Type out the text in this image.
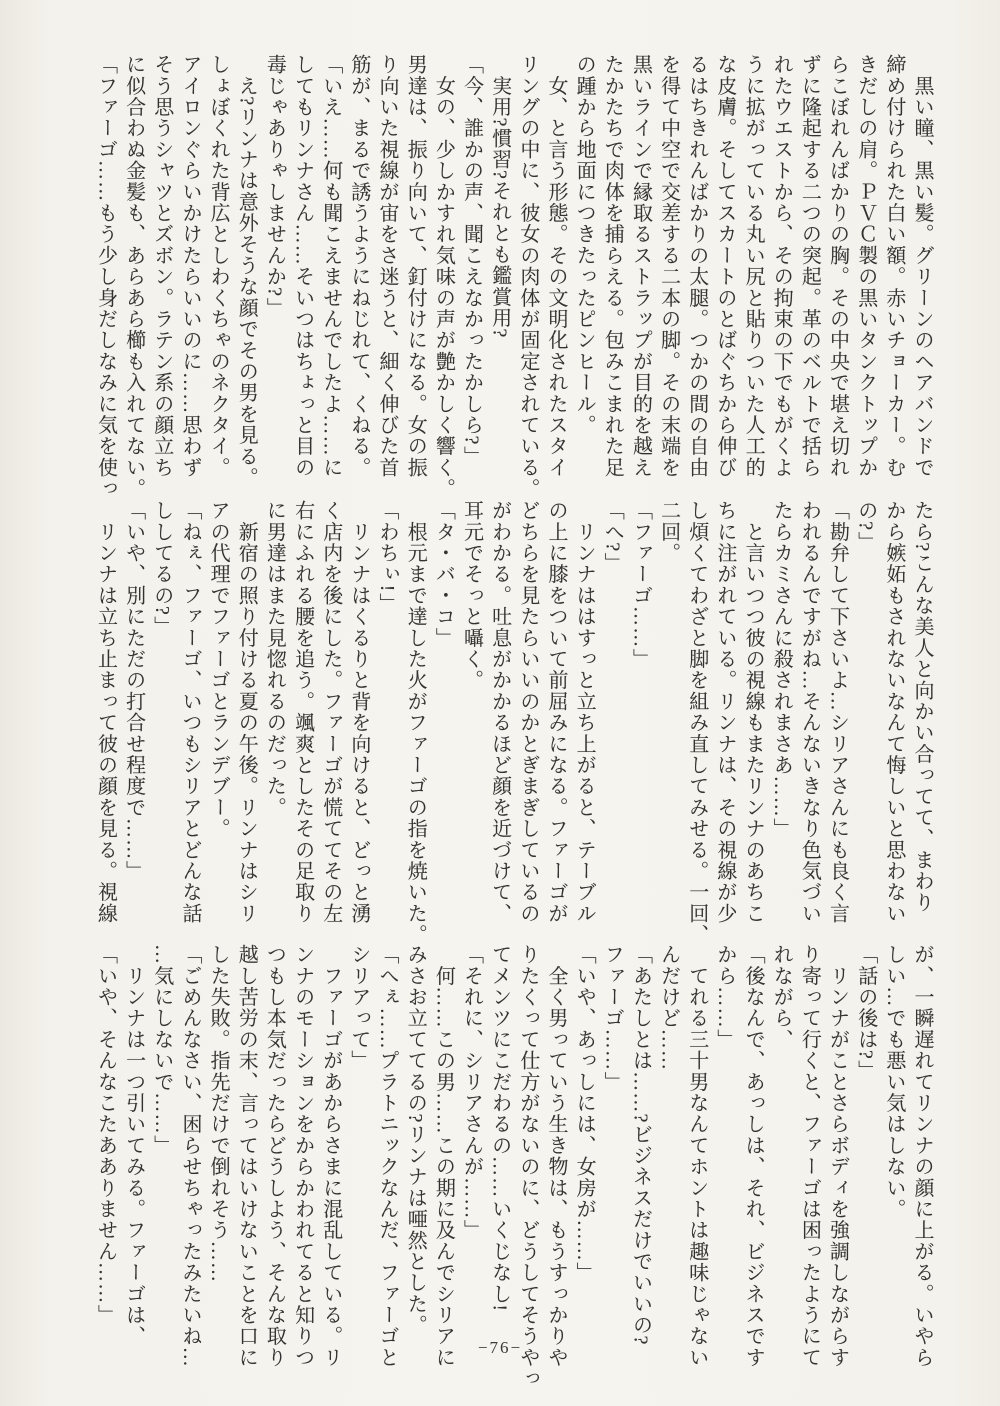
　黒い瞳、黒い髪。グリーンのヘアバンドで
締め付けられた白い額。赤いチョーカー。む
きだしの肩。ＰＶＣ製の黒いタンクトップか
らこぼれんばかりの胸。その中央で堪え切れ
ずに隆起する二つの突起。革のベルトで括ら
れたウエストから、その拘束の下でもがくよ
うに拡がっている丸い尻と貼りついた人工的
な皮膚。そしてスカートのとばぐちから伸び
るはちきれんばかりの太腿。つかの間の自由
を得て中空で交差する二本の脚。その末端を
黒いラインで縁取るストラップが目的を越え
たかたちで肉体を捕らえる。包みこまれた足
の踵から地面につきたったピンヒール。
　女、と言う形態。その文明化されたスタイ
リングの中に、彼女の肉体が固定されている。
　実用?慣習?それとも鑑賞用?
「今、誰かの声、聞こえなかったかしら?」
　女の、少しかすれ気味の声が艶かしく響く。
男達は、振り向いて、釘付けになる。女の振
り向いた視線が宙をさ迷うと、細く伸びた首
筋が、まるで誘うようにねじれて、くねる。
「いえ……何も聞こえませんでしたよ……に
してもリンナさん……そいつはちょっと目の
毒じゃありゃしませんか?」
　え?リンナは意外そうな顔でその男を見る。
しょぼくれた背広としわくちゃのネクタイ。
アイロンぐらいかけたらいいのに……思わず
そう思うシャツとズボン。ラテン系の顔立ち
に似合わぬ金髪も、あらあら櫛も入れてない。
「ファーゴ……もう少し身だしなみに気を使っ
たら?こんな美人と向かい合ってて、まわり
から嫉妬もされないなんて悔しいと思わない
の?」
「勘弁して下さいよ…シリアさんにも良く言
われるんですがね…そんないきなり色気づい
たらカミさんに殺されまさあ……」
　と言いつつ彼の視線もまたリンナのあちこ
ちに注がれている。リンナは、その視線が少
し煩くてわざと脚を組み直してみせる。一回、
二回。
「ファーゴ……」
「へ?」
　リンナははすっと立ち上がると、テーブル
の上に膝をついて前屈みになる。ファーゴが
どちらを見たらいいのかとぎまぎしているの
がわかる。吐息がかかるほど顔を近づけて、
耳元でそっと囁く。
「タ・バ・コ」
　根元まで達した火がファーゴの指を焼いた。
「わちぃ!」
　リンナはくるりと背を向けると、どっと湧
く店内を後にした。ファーゴが慌ててその左
右にふれる腰を追う。颯爽としたその足取り
に男達はまた見惚れるのだった。
　新宿の照り付ける夏の午後。リンナはシリ
アの代理でファーゴとランデブー。
「ねぇ、ファーゴ、いつもシリアとどんな話
ししてるの?」
「いや、別にただの打合せ程度で……」
　リンナは立ち止まって彼の顔を見る。視線
が、一瞬遅れてリンナの顔に上がる。いやら
しい…でも悪い気はしない。
「話の後は?」
　リンナがことさらボディを強調しながらす
り寄って行くと、ファーゴは困ったようにて
れながら、
「後なんで、あっしは、それ、ビジネスです
から……」
　てれる三十男なんてホントは趣味じゃない
んだけど……
「あたしとは……?ビジネスだけでいいの?
ファーゴ……」
「いや、あっしには、女房が……」
　全く男っていう生き物は、もうすっかりや
りたくって仕方がないのに、どうしてそうやっ
てメンツにこだわるの……いくじなし!
「それに、シリアさんが……」
　何……この男……この期に及んでシリアに
みさお立ててるの?リンナは唖然とした。
「へぇ……プラトニックなんだ、ファーゴと
シリアって」
　ファーゴがあからさまに混乱している。リ
ンナのモーションをからかわれてると知りつ
つもし本気だったらどうしよう、そんな取り
越し苦労の末、言ってはいけないことを口に
した失敗。指先だけで倒れそう……
「ごめんなさい、困らせちゃったみたいね…
…気にしないで……」
　リンナは一つ引いてみる。ファーゴは、
「いや、そんなこたあありません……」
−76−
